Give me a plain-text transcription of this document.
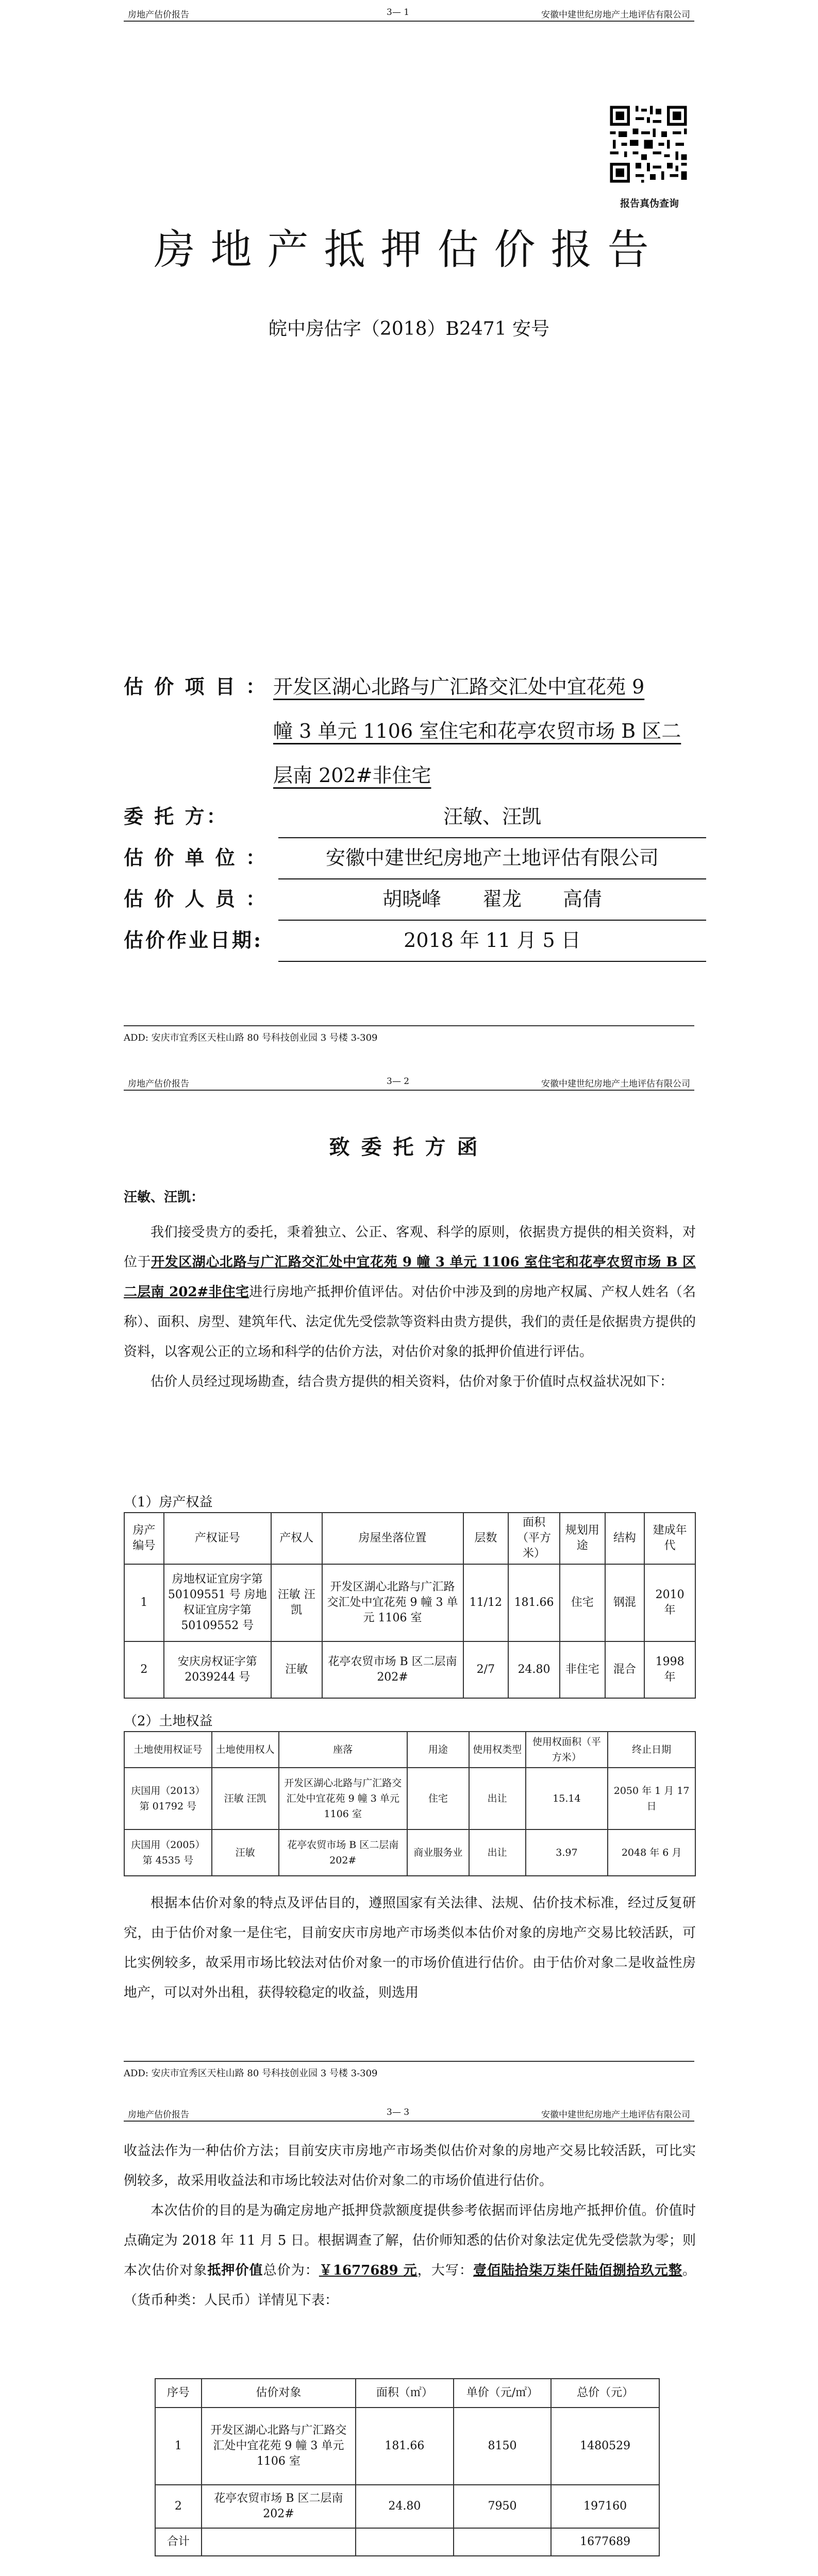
房地产估价报告	3— 1	安徽中建世纪房地产土地评估有限公司
报告真伪查询
房地产抵押估价报告
皖中房估字（2018）B2471 安号
估 价 项 目 ： 开发区湖心北路与广汇路交汇处中宜花苑 9
幢 3 单元 1106 室住宅和花亭农贸市场 B 区二
层南 202#非住宅
委 托 方：	汪敏、汪凯
估 价 单 位 ：	安徽中建世纪房地产土地评估有限公司
估 价 人 员 ：	胡晓峰 翟龙 高倩
估价作业日期:	2018 年 11 月 5 日
ADD: 安庆市宜秀区天柱山路 80 号科技创业园 3 号楼 3-309
房地产估价报告	3— 2	安徽中建世纪房地产土地评估有限公司
致委托方函
汪敏、汪凯：

我们接受贵方的委托，秉着独立、公正、客观、科学的原则，依据贵方提供的相关资料，对位于开发区湖心北路与广汇路交汇处中宜花苑 9 幢 3 单元 1106 室住宅和花亭农贸市场 B 区二层南 202#非住宅进行房地产抵押价值评估。对估价中涉及到的房地产权属、产权人姓名（名称）、面积、房型、建筑年代、法定优先受偿款等资料由贵方提供，我们的责任是依据贵方提供的资料，以客观公正的立场和科学的估价方法，对估价对象的抵押价值进行评估。

估价人员经过现场勘查，结合贵方提供的相关资料，估价对象于价值时点权益状况如下：

（1）房产权益
房产编号	产权证号	产权人	房屋坐落位置	层数	面积（平方米）	规划用途	结构	建成年代
1	房地权证宜房字第 50109551 号 房地权证宜房字第 50109552 号	汪敏 汪凯	开发区湖心北路与广汇路交汇处中宜花苑 9 幢 3 单元 1106 室	11/12	181.66	住宅	钢混	2010 年
2	安庆房权证字第 2039244 号	汪敏	花亭农贸市场 B 区二层南 202#	2/7	24.80	非住宅	混合	1998 年
（2）土地权益
土地使用权证号	土地使用权人	座落	用途	使用权类型	使用权面积（平方米）	终止日期
庆国用（2013）第 01792 号	汪敏 汪凯	开发区湖心北路与广汇路交汇处中宜花苑 9 幢 3 单元 1106 室	住宅	出让	15.14	2050 年 1 月 17 日
庆国用（2005）第 4535 号	汪敏	花亭农贸市场 B 区二层南 202#	商业服务业	出让	3.97	2048 年 6 月

根据本估价对象的特点及评估目的，遵照国家有关法律、法规、估价技术标准，经过反复研究，由于估价对象一是住宅，目前安庆市房地产市场类似本估价对象的房地产交易比较活跃，可比实例较多，故采用市场比较法对估价对象一的市场价值进行估价。由于估价对象二是收益性房地产，可以对外出租，获得较稳定的收益，则选用

ADD: 安庆市宜秀区天柱山路 80 号科技创业园 3 号楼 3-309
房地产估价报告	3— 3	安徽中建世纪房地产土地评估有限公司

收益法作为一种估价方法；目前安庆市房地产市场类似估价对象的房地产交易比较活跃，可比实例较多，故采用收益法和市场比较法对估价对象二的市场价值进行估价。

本次估价的目的是为确定房地产抵押贷款额度提供参考依据而评估房地产抵押价值。价值时点确定为 2018 年 11 月 5 日。根据调查了解，估价师知悉的估价对象法定优先受偿款为零；则本次估价对象抵押价值总价为：￥1677689 元，大写：壹佰陆拾柒万柒仟陆佰捌拾玖元整。（货币种类：人民币）详情见下表：

序号	估价对象	面积（㎡）	单价（元/㎡）	总价（元）
1	开发区湖心北路与广汇路交汇处中宜花苑 9 幢 3 单元 1106 室	181.66	8150	1480529
2	花亭农贸市场 B 区二层南 202#	24.80	7950	197160
合计				1677689
